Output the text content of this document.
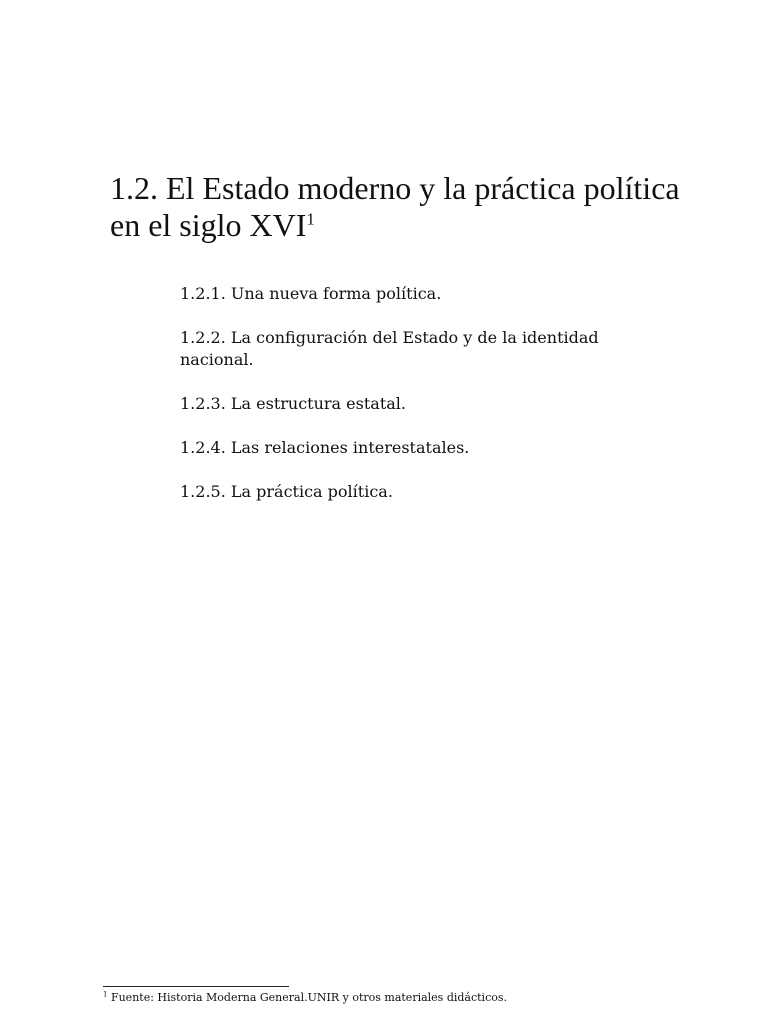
1.2. El Estado moderno y la práctica política en el siglo XVI$^1$
1.2.1. Una nueva forma política.
1.2.2. La configuración del Estado y de la identidad nacional.
1.2.3. La estructura estatal.
1.2.4. Las relaciones interestatales.
1.2.5. La práctica política.
$^1$ Fuente: Historia Moderna General.UNIR y otros materiales didácticos.
